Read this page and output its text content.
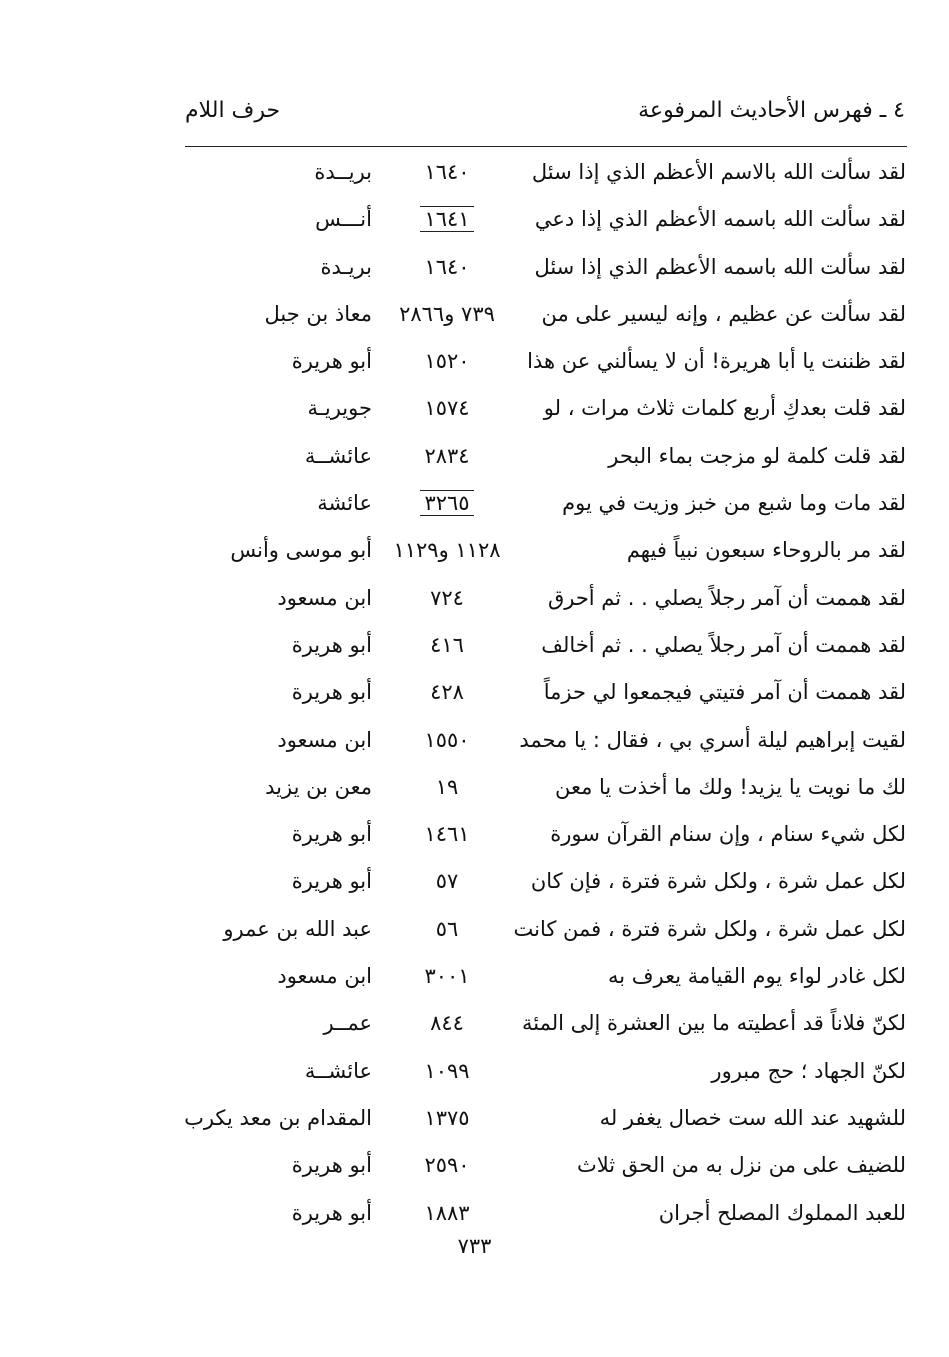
٤ ـ فهرس الأحاديث المرفوعة
حرف اللام
لقد سألت الله بالاسم الأعظم الذي إذا سئل
١٦٤٠
بريــدة
لقد سألت الله باسمه الأعظم الذي إذا دعي
١٦٤١
أنـــس
لقد سألت الله باسمه الأعظم الذي إذا سئل
١٦٤٠
بريـدة
لقد سألت عن عظيم ، وإنه ليسير على من
٧٣٩ و٢٨٦٦
معاذ بن جبل
لقد ظننت يا أبا هريرة! أن لا يسألني عن هذا
١٥٢٠
أبو هريرة
لقد قلت بعدكِ أربع كلمات ثلاث مرات ، لو
١٥٧٤
جويريـة
لقد قلت كلمة لو مزجت بماء البحر
٢٨٣٤
عائشــة
لقد مات وما شبع من خبز وزيت في يوم
٣٢٦٥
عائشة
لقد مر بالروحاء سبعون نبياً فيهم
١١٢٨ و١١٢٩
أبو موسى وأنس
لقد هممت أن آمر رجلاً يصلي . . ثم أحرق
٧٢٤
ابن مسعود
لقد هممت أن آمر رجلاً يصلي . . ثم أخالف
٤١٦
أبو هريرة
لقد هممت أن آمر فتيتي فيجمعوا لي حزماً
٤٢٨
أبو هريرة
لقيت إبراهيم ليلة أسري بي ، فقال : يا محمد
١٥٥٠
ابن مسعود
لك ما نويت يا يزيد! ولك ما أخذت يا معن
١٩
معن بن يزيد
لكل شيء سنام ، وإن سنام القرآن سورة
١٤٦١
أبو هريرة
لكل عمل شرة ، ولكل شرة فترة ، فإن كان
٥٧
أبو هريرة
لكل عمل شرة ، ولكل شرة فترة ، فمن كانت
٥٦
عبد الله بن عمرو
لكل غادر لواء يوم القيامة يعرف به
٣٠٠١
ابن مسعود
لكنّ فلاناً قد أعطيته ما بين العشرة إلى المئة
٨٤٤
عمــر
لكنّ الجهاد ؛ حج مبرور
١٠٩٩
عائشــة
للشهيد عند الله ست خصال يغفر له
١٣٧٥
المقدام بن معد يكرب
للضيف على من نزل به من الحق ثلاث
٢٥٩٠
أبو هريرة
للعبد المملوك المصلح أجران
١٨٨٣
أبو هريرة
٧٣٣
